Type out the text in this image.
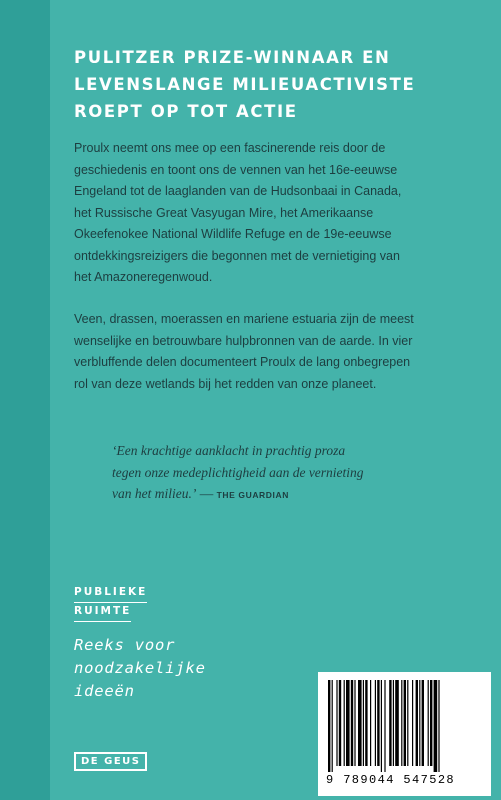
PULITZER PRIZE-WINNAAR EN
LEVENSLANGE MILIEUACTIVISTE
ROEPT OP TOT ACTIE
Proulx neemt ons mee op een fascinerende reis door de
geschiedenis en toont ons de vennen van het 16e-eeuwse
Engeland tot de laaglanden van de Hudsonbaai in Canada,
het Russische Great Vasyugan Mire, het Amerikaanse
Okeefenokee National Wildlife Refuge en de 19e-eeuwse
ontdekkingsreizigers die begonnen met de vernietiging van
het Amazoneregenwoud.
Veen, drassen, moerassen en mariene estuaria zijn de meest
wenselijke en betrouwbare hulpbronnen van de aarde. In vier
verbluffende delen documenteert Proulx de lang onbegrepen
rol van deze wetlands bij het redden van onze planeet.
‘Een krachtige aanklacht in prachtig proza
tegen onze medeplichtigheid aan de vernieting
van het milieu.’ — THE GUARDIAN
PUBLIEKE
RUIMTE
Reeks voor
noodzakelijke
ideeën
DE GEUS
9 789044 547528
